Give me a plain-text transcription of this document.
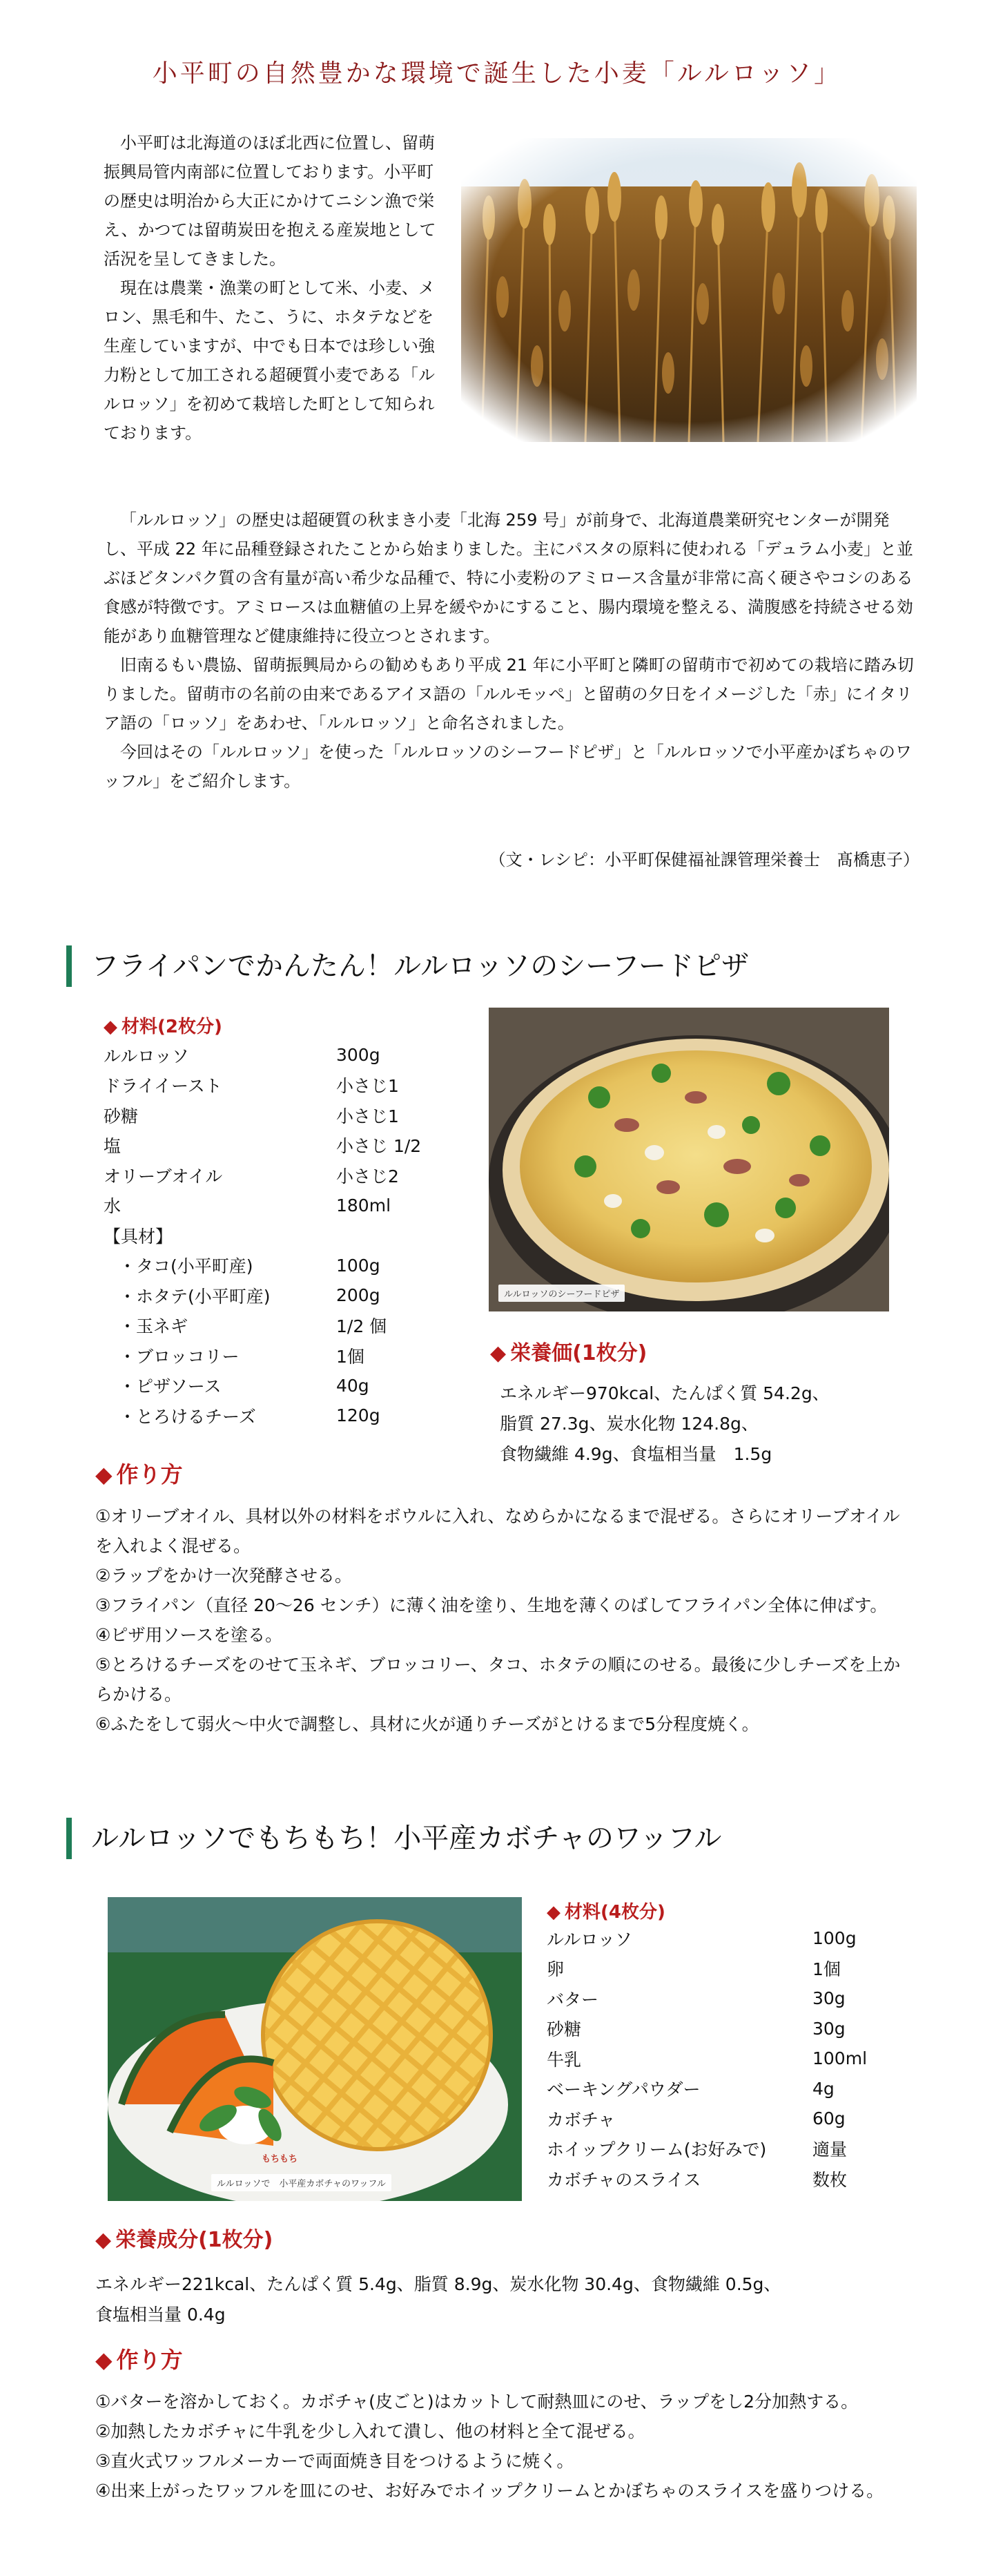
小平町の自然豊かな環境で誕生した小麦「ルルロッソ」

小平町は北海道のほぼ北西に位置し、留萌振興局管内南部に位置しております。小平町の歴史は明治から大正にかけてニシン漁で栄え、かつては留萌炭田を抱える産炭地として活況を呈してきました。

現在は農業・漁業の町として米、小麦、メロン、黒毛和牛、たこ、うに、ホタテなどを生産していますが、中でも日本では珍しい強力粉として加工される超硬質小麦である「ルルロッソ」を初めて栽培した町として知られております。

「ルルロッソ」の歴史は超硬質の秋まき小麦「北海 259 号」が前身で、北海道農業研究センターが開発し、平成 22 年に品種登録されたことから始まりました。主にパスタの原料に使われる「デュラム小麦」と並ぶほどタンパク質の含有量が高い希少な品種で、特に小麦粉のアミロース含量が非常に高く硬さやコシのある食感が特徴です。アミロースは血糖値の上昇を緩やかにすること、腸内環境を整える、満腹感を持続させる効能があり血糖管理など健康維持に役立つとされます。

旧南るもい農協、留萌振興局からの勧めもあり平成 21 年に小平町と隣町の留萌市で初めての栽培に踏み切りました。留萌市の名前の由来であるアイヌ語の「ルルモッペ」と留萌の夕日をイメージした「赤」にイタリア語の「ロッソ」をあわせ、「ルルロッソ」と命名されました。

今回はその「ルルロッソ」を使った「ルルロッソのシーフードピザ」と「ルルロッソで小平産かぼちゃのワッフル」をご紹介します。

（文・レシピ：小平町保健福祉課管理栄養士　髙橋恵子）
フライパンでかんたん！ルルロッソのシーフードピザ
◆ 材料(2枚分)
ルルロッソ	300g
ドライイースト	小さじ1
砂糖	小さじ1
塩	小さじ 1/2
オリーブオイル	小さじ2
水	180ml
【具材】	
・タコ(小平町産)	100g
・ホタテ(小平町産)	200g
・玉ネギ	1/2 個
・ブロッコリー	1個
・ピザソース	40g
・とろけるチーズ	120g
ルルロッソのシーフードピザ
◆ 栄養価(1枚分)
エネルギー970kcal、たんぱく質 54.2g、
脂質 27.3g、炭水化物 124.8g、
食物繊維 4.9g、食塩相当量　1.5g
◆ 作り方

①オリーブオイル、具材以外の材料をボウルに入れ、なめらかになるまで混ぜる。さらにオリーブオイルを入れよく混ぜる。

②ラップをかけ一次発酵させる。

③フライパン（直径 20～26 センチ）に薄く油を塗り、生地を薄くのばしてフライパン全体に伸ばす。

④ピザ用ソースを塗る。

⑤とろけるチーズをのせて玉ネギ、ブロッコリー、タコ、ホタテの順にのせる。最後に少しチーズを上からかける。

⑥ふたをして弱火～中火で調整し、具材に火が通りチーズがとけるまで5分程度焼く。

ルルロッソでもちもち！小平産カボチャのワッフル
もちもち
ルルロッソで　小平産カボチャのワッフル
◆ 材料(4枚分)
ルルロッソ	100g
卵	1個
バター	30g
砂糖	30g
牛乳	100ml
ベーキングパウダー	4g
カボチャ	60g
ホイップクリーム(お好みで)	適量
カボチャのスライス	数枚
◆ 栄養成分(1枚分)
エネルギー221kcal、たんぱく質 5.4g、脂質 8.9g、炭水化物 30.4g、食物繊維 0.5g、
食塩相当量 0.4g
◆ 作り方

①バターを溶かしておく。カボチャ(皮ごと)はカットして耐熱皿にのせ、ラップをし2分加熱する。

②加熱したカボチャに牛乳を少し入れて潰し、他の材料と全て混ぜる。

③直火式ワッフルメーカーで両面焼き目をつけるように焼く。

④出来上がったワッフルを皿にのせ、お好みでホイップクリームとかぼちゃのスライスを盛りつける。
